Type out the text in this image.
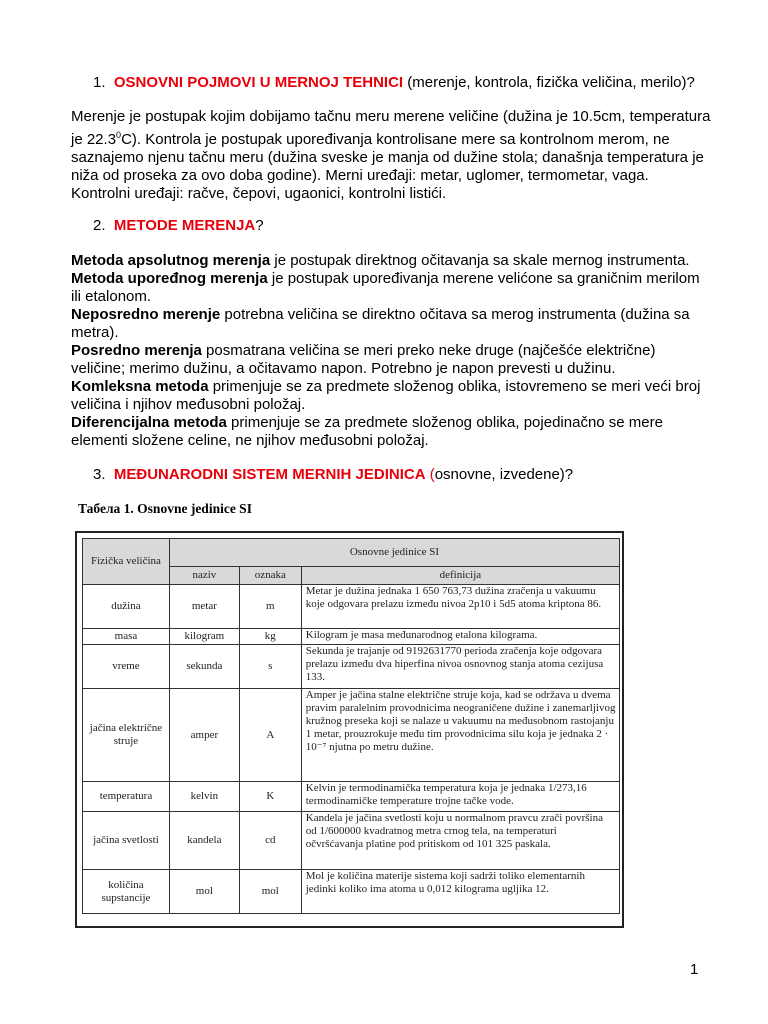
1. OSNOVNI POJMOVI U MERNOJ TEHNICI (merenje, kontrola, fizička veličina, merilo)?
Merenje je postupak kojim dobijamo tačnu meru merene veličine (dužina je 10.5cm, temperatura je 22.3$^0$C). Kontrola je postupak upoređivanja kontrolisane mere sa kontrolnom merom, ne saznajemo njenu tačnu meru (dužina sveske je manja od dužine stola; današnja temperatura je niža od proseka za ovo doba godine). Merni uređaji: metar, uglomer, termometar, vaga. Kontrolni uređaji: račve, čepovi, ugaonici, kontrolni listići.
2. METODE MERENJA?
Metoda apsolutnog merenja je postupak direktnog očitavanja sa skale mernog instrumenta.
Metoda upoređnog merenja je postupak upoređivanja merene velićone sa graničnim merilom ili etalonom.
Neposredno merenje potrebna veličina se direktno očitava sa merog instrumenta (dužina sa metra).
Posredno merenja posmatrana veličina se meri preko neke druge (najčešće električne) veličine; merimo dužinu, a očitavamo napon. Potrebno je napon prevesti u dužinu.
Komleksna metoda primenjuje se za predmete složenog oblika, istovremeno se meri veći broj veličina i njihov međusobni položaj.
Diferencijalna metoda primenjuje se za predmete složenog oblika, pojedinačno se mere elementi složene celine, ne njihov međusobni položaj.
3. MEĐUNARODNI SISTEM MERNIH JEDINICA (osnovne, izvedene)?
Табела 1. Osnovne jedinice SI
Fizička veličina	Osnovne jedinice SI		
	naziv	oznaka	definicija
dužina	metar	m	Metar je dužina jednaka 1 650 763,73 dužina zračenja u vakuumu koje odgovara prelazu između nivoa 2p10 i 5d5 atoma kriptona 86.
masa	kilogram	kg	Kilogram je masa međunarodnog etalona kilograma.
vreme	sekunda	s	Sekunda je trajanje od 9192631770 perioda zračenja koje odgovara prelazu između dva hiperfina nivoa osnovnog stanja atoma cezijusa 133.
jačina električne struje	amper	A	Amper je jačina stalne električne struje koja, kad se održava u dvema pravim paralelnim provodnicima neograničene dužine i zanemarljivog kružnog preseka koji se nalaze u vakuumu na međusobnom rastojanju 1 metar, prouzrokuje među tim provodnicima silu koja je jednaka 2 · 10⁻⁷ njutna po metru dužine.
temperatura	kelvin	K	Kelvin je termodinamička temperatura koja je jednaka 1/273,16 termodinamičke temperature trojne tačke vode.
jačina svetlosti	kandela	cd	Kandela je jačina svetlosti koju u normalnom pravcu zrači površina od 1/600000 kvadratnog metra crnog tela, na temperaturi očvršćavanja platine pod pritiskom od 101 325 paskala.
količina supstancije	mol	mol	Mol je količina materije sistema koji sadrži toliko elementarnih jedinki koliko ima atoma u 0,012 kilograma ugljika 12.
1
